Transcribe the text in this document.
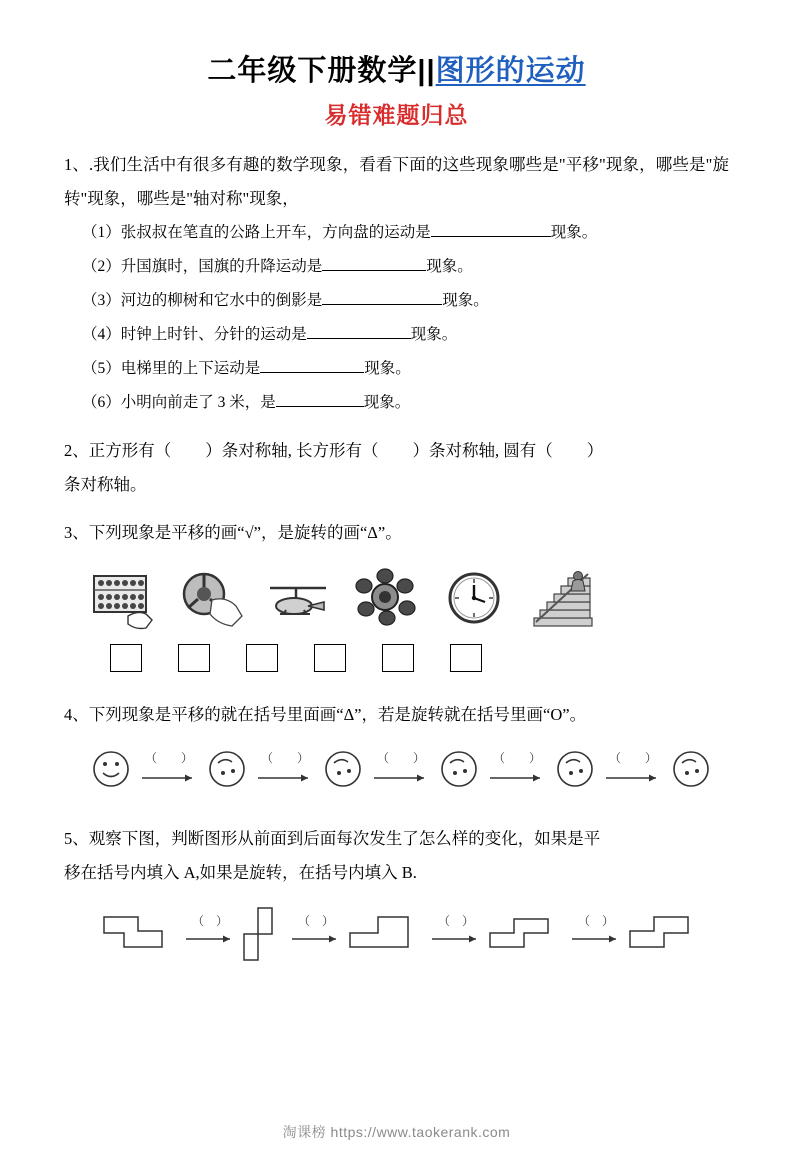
二年级下册数学||图形的运动
易错难题归总
1、.我们生活中有很多有趣的数学现象，看看下面的这些现象哪些是"平移"现象，哪些是"旋转"现象，哪些是"轴对称"现象，
（1）张叔叔在笔直的公路上开车，方向盘的运动是	现象。
（2）升国旗时，国旗的升降运动是	现象。
（3）河边的柳树和它水中的倒影是	现象。
（4）时钟上时针、分针的运动是	现象。
（5）电梯里的上下运动是	现象。
（6）小明向前走了 3 米，是	现象。
2、正方形有（ ）条对称轴, 长方形有（ ）条对称轴, 圆有（ ）
条对称轴。
3、下列现象是平移的画“√”，是旋转的画“Δ”。
4、下列现象是平移的就在括号里面画“Δ”，若是旋转就在括号里画“O”。
（　　）	（　　）	（　　）	（　　）	（　　）
5、观察下图，判断图形从前面到后面每次发生了怎么样的变化，如果是平
移在括号内填入 A,如果是旋转，在括号内填入 B.
（　）	（　）	（　）	（　）
淘课榜 https://www.taokerank.com
